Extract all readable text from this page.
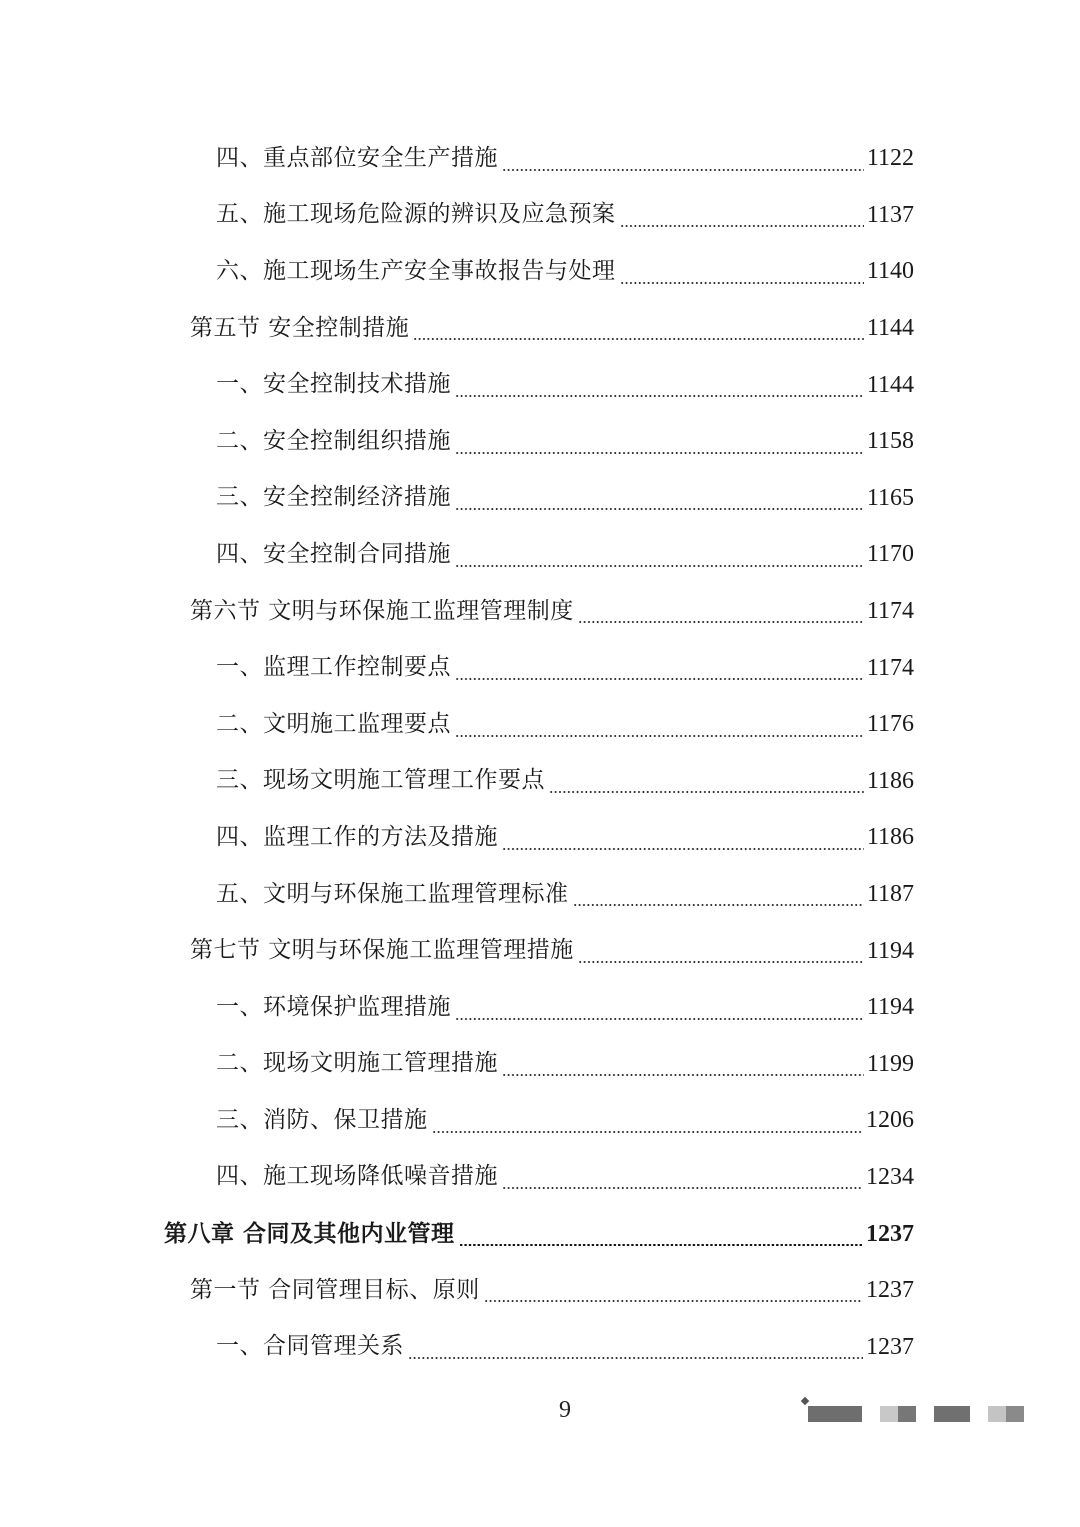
四、重点部位安全生产措施	1122
五、施工现场危险源的辨识及应急预案	1137
六、施工现场生产安全事故报告与处理	1140
第五节 安全控制措施	1144
一、安全控制技术措施	1144
二、安全控制组织措施	1158
三、安全控制经济措施	1165
四、安全控制合同措施	1170
第六节 文明与环保施工监理管理制度	1174
一、监理工作控制要点	1174
二、文明施工监理要点	1176
三、现场文明施工管理工作要点	1186
四、监理工作的方法及措施	1186
五、文明与环保施工监理管理标准	1187
第七节 文明与环保施工监理管理措施	1194
一、环境保护监理措施	1194
二、现场文明施工管理措施	1199
三、消防、保卫措施	1206
四、施工现场降低噪音措施	1234
第八章 合同及其他内业管理	1237
第一节 合同管理目标、原则	1237
一、合同管理关系	1237
9
